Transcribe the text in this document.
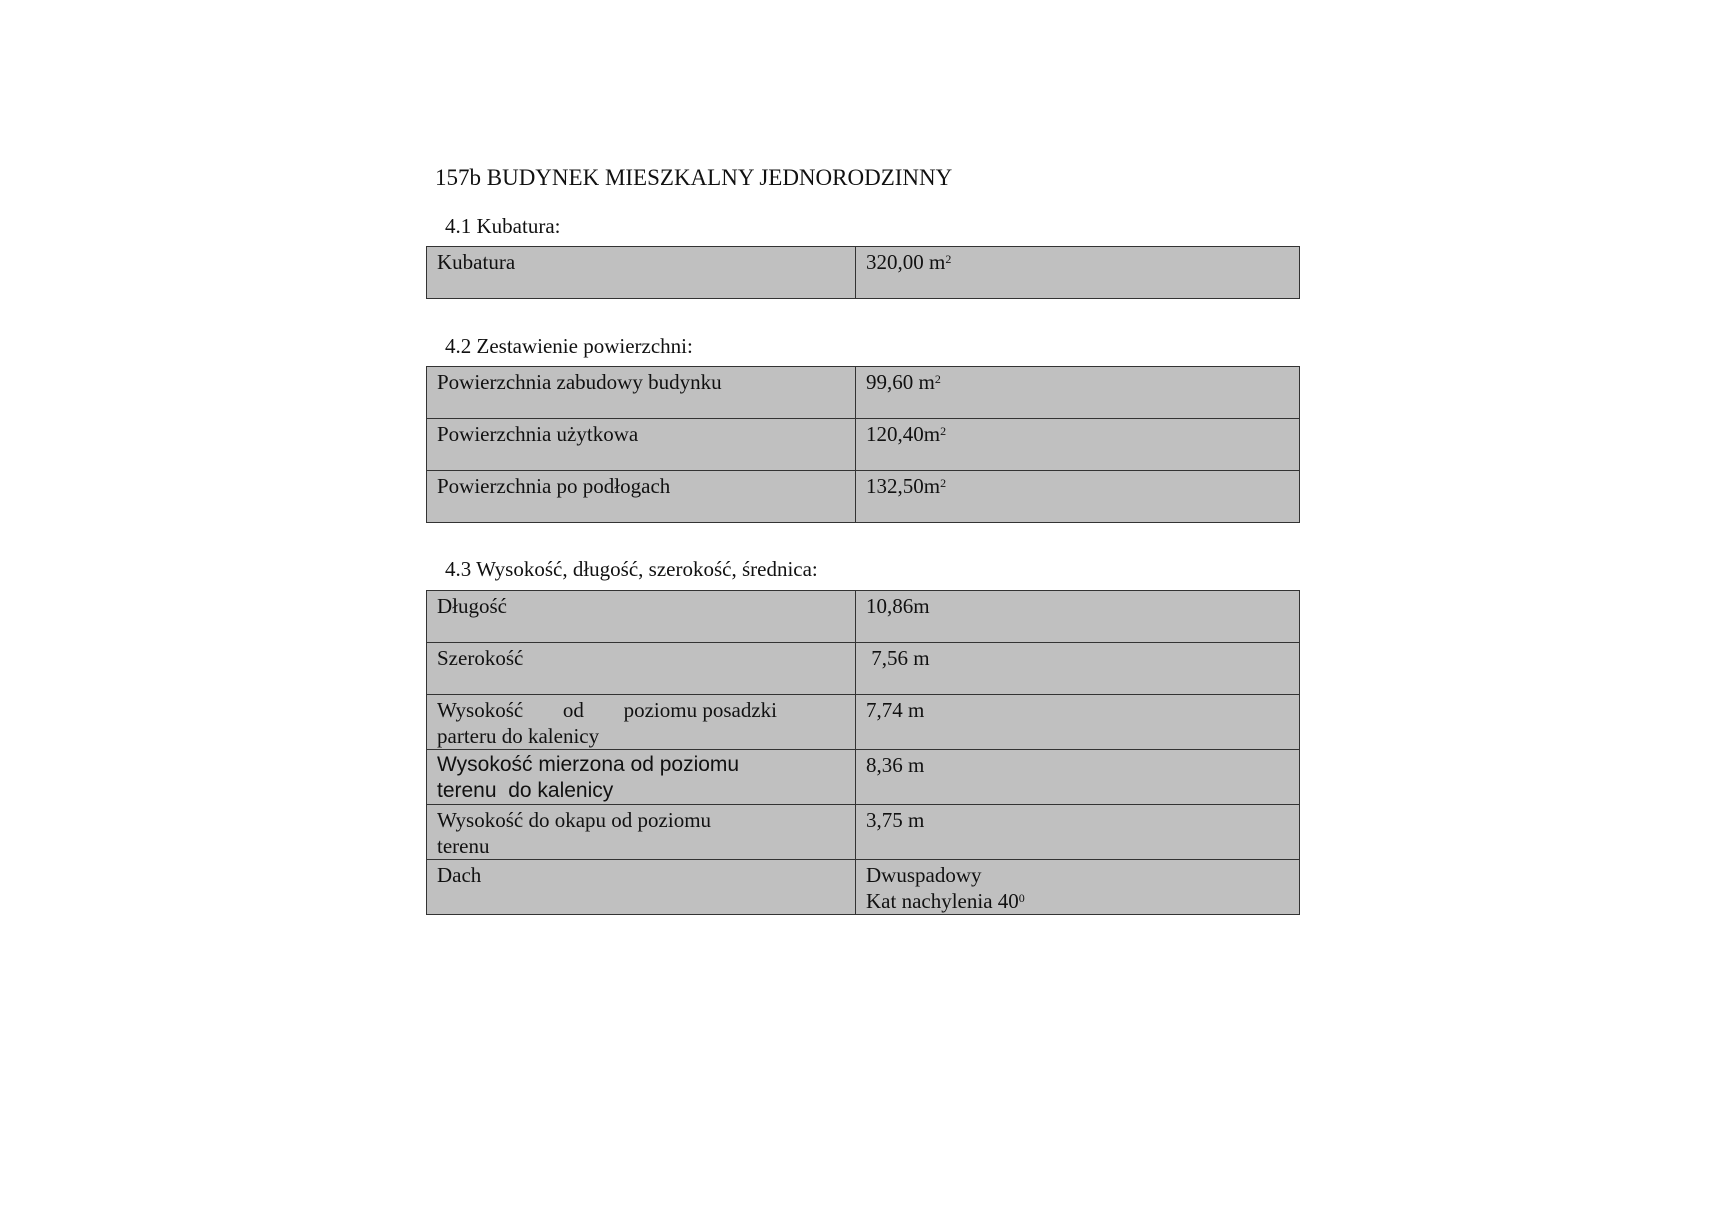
157b BUDYNEK MIESZKALNY JEDNORODZINNY

4.1 Kubatura:

Kubatura	320,00 $m^2$

4.2 Zestawienie powierzchni:

Powierzchnia zabudowy budynku	99,60 $m^2$
Powierzchnia użytkowa	$120,40m^2$
Powierzchnia po podłogach	$132,50m^2$

4.3 Wysokość, długość, szerokość, średnica:

Długość	10,86m
Szerokość	7,56 m

Wysokość od poziomu posadzki
parteru do kalenicy	7,74 m

Wysokość mierzona od poziomu
terenu  do kalenicy	8,36 m

Wysokość do okapu od poziomu
terenu	3,75 m
Dach	Dwuspadowy
Kat nachylenia $40^0$
